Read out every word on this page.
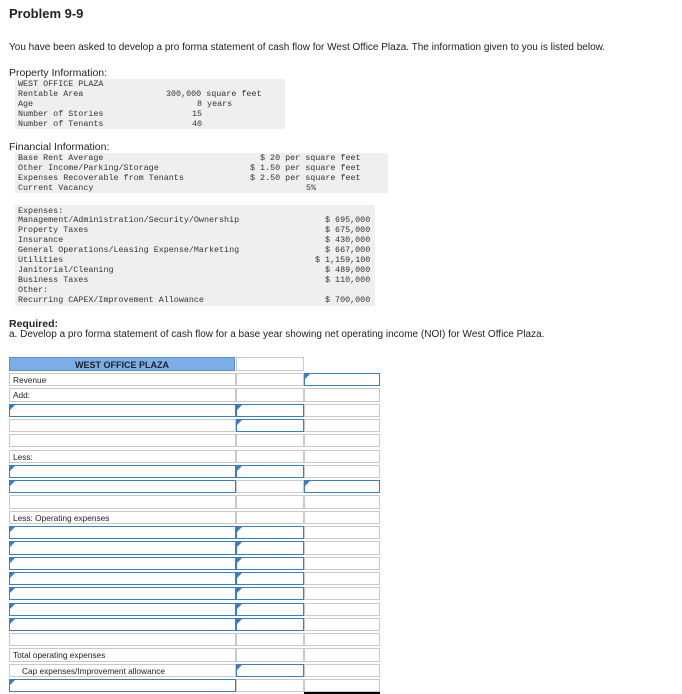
Problem 9-9
You have been asked to develop a pro forma statement of cash flow for West Office Plaza. The information given to you is listed below.
Property Information:
WEST OFFICE PLAZA
Rentable Area	300,000 square feet
Age	8 years
Number of Stories	15
Number of Tenants	40
Financial Information:
Base Rent Average	$ 20 per square feet
Other Income/Parking/Storage	$ 1.50 per square feet
Expenses Recoverable from Tenants	$ 2.50 per square feet
Current Vacancy	5%
Expenses:
Management/Administration/Security/Ownership	$ 695,000
Property Taxes	$ 675,000
Insurance	$ 430,000
General Operations/Leasing Expense/Marketing	$ 667,000
Utilities	$ 1,159,100
Janitorial/Cleaning	$ 489,000
Business Taxes	$ 110,000
Other:
Recurring CAPEX/Improvement Allowance	$ 700,000
Required:
a. Develop a pro forma statement of cash flow for a base year showing net operating income (NOI) for West Office Plaza.
WEST OFFICE PLAZA
Revenue
Add:
Less:
Less: Operating expenses
Total operating expenses
Cap expenses/Improvement allowance
